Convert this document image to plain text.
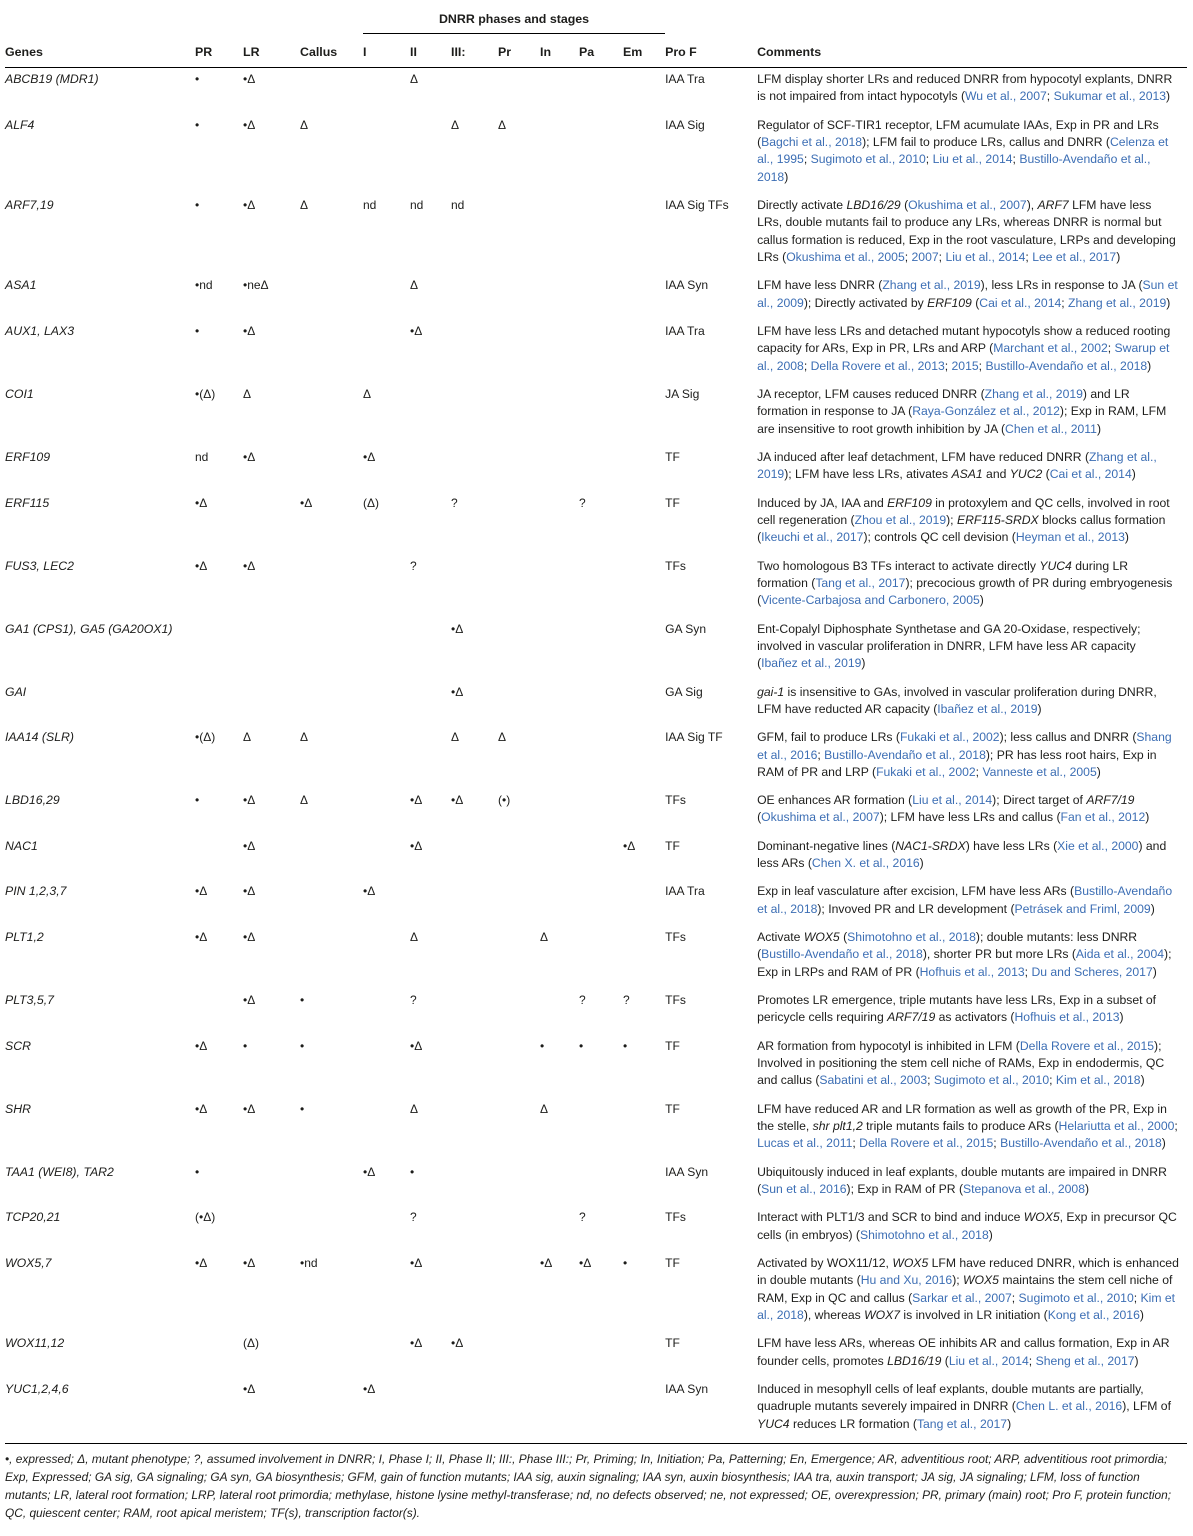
				DNRR phases and stages								
Genes	PR	LR	Callus	I	II	III:	Pr	In	Pa	Em	Pro F	Comments
ABCB19 (MDR1)	•	•Δ			Δ						IAA Tra	LFM display shorter LRs and reduced DNRR from hypocotyl explants, DNRR is not impaired from intact hypocotyls (Wu et al., 2007; Sukumar et al., 2013)
ALF4	•	•Δ	Δ			Δ	Δ				IAA Sig	Regulator of SCF-TIR1 receptor, LFM acumulate IAAs, Exp in PR and LRs (Bagchi et al., 2018); LFM fail to produce LRs, callus and DNRR (Celenza et al., 1995; Sugimoto et al., 2010; Liu et al., 2014; Bustillo-Avendaño et al., 2018)
ARF7,19	•	•Δ	Δ	nd	nd	nd					IAA Sig TFs	Directly activate LBD16/29 (Okushima et al., 2007), ARF7 LFM have less LRs, double mutants fail to produce any LRs, whereas DNRR is normal but callus formation is reduced, Exp in the root vasculature, LRPs and developing LRs (Okushima et al., 2005; 2007; Liu et al., 2014; Lee et al., 2017)
ASA1	•nd	•neΔ			Δ						IAA Syn	LFM have less DNRR (Zhang et al., 2019), less LRs in response to JA (Sun et al., 2009); Directly activated by ERF109 (Cai et al., 2014; Zhang et al., 2019)
AUX1, LAX3	•	•Δ			•Δ						IAA Tra	LFM have less LRs and detached mutant hypocotyls show a reduced rooting capacity for ARs, Exp in PR, LRs and ARP (Marchant et al., 2002; Swarup et al., 2008; Della Rovere et al., 2013; 2015; Bustillo-Avendaño et al., 2018)
COI1	•(Δ)	Δ		Δ							JA Sig	JA receptor, LFM causes reduced DNRR (Zhang et al., 2019) and LR formation in response to JA (Raya-González et al., 2012); Exp in RAM, LFM are insensitive to root growth inhibition by JA (Chen et al., 2011)
ERF109	nd	•Δ		•Δ							TF	JA induced after leaf detachment, LFM have reduced DNRR (Zhang et al., 2019); LFM have less LRs, ativates ASA1 and YUC2 (Cai et al., 2014)
ERF115	•Δ		•Δ	(Δ)		?			?		TF	Induced by JA, IAA and ERF109 in protoxylem and QC cells, involved in root cell regeneration (Zhou et al., 2019); ERF115-SRDX blocks callus formation (Ikeuchi et al., 2017); controls QC cell devision (Heyman et al., 2013)
FUS3, LEC2	•Δ	•Δ			?						TFs	Two homologous B3 TFs interact to activate directly YUC4 during LR formation (Tang et al., 2017); precocious growth of PR during embryogenesis (Vicente-Carbajosa and Carbonero, 2005)
GA1 (CPS1), GA5 (GA20OX1)						•Δ					GA Syn	Ent-Copalyl Diphosphate Synthetase and GA 20-Oxidase, respectively; involved in vascular proliferation in DNRR, LFM have less AR capacity (Ibañez et al., 2019)
GAI						•Δ					GA Sig	gai-1 is insensitive to GAs, involved in vascular proliferation during DNRR, LFM have reducted AR capacity (Ibañez et al., 2019)
IAA14 (SLR)	•(Δ)	Δ	Δ			Δ	Δ				IAA Sig TF	GFM, fail to produce LRs (Fukaki et al., 2002); less callus and DNRR (Shang et al., 2016; Bustillo-Avendaño et al., 2018); PR has less root hairs, Exp in RAM of PR and LRP (Fukaki et al., 2002; Vanneste et al., 2005)
LBD16,29	•	•Δ	Δ		•Δ	•Δ	(•)				TFs	OE enhances AR formation (Liu et al., 2014); Direct target of ARF7/19 (Okushima et al., 2007); LFM have less LRs and callus (Fan et al., 2012)
NAC1		•Δ			•Δ					•Δ	TF	Dominant-negative lines (NAC1-SRDX) have less LRs (Xie et al., 2000) and less ARs (Chen X. et al., 2016)
PIN 1,2,3,7	•Δ	•Δ		•Δ							IAA Tra	Exp in leaf vasculature after excision, LFM have less ARs (Bustillo-Avendaño et al., 2018); Invoved PR and LR development (Petrásek and Friml, 2009)
PLT1,2	•Δ	•Δ			Δ			Δ			TFs	Activate WOX5 (Shimotohno et al., 2018); double mutants: less DNRR (Bustillo-Avendaño et al., 2018), shorter PR but more LRs (Aida et al., 2004); Exp in LRPs and RAM of PR (Hofhuis et al., 2013; Du and Scheres, 2017)
PLT3,5,7		•Δ	•		?				?	?	TFs	Promotes LR emergence, triple mutants have less LRs, Exp in a subset of pericycle cells requiring ARF7/19 as activators (Hofhuis et al., 2013)
SCR	•Δ	•	•		•Δ			•	•	•	TF	AR formation from hypocotyl is inhibited in LFM (Della Rovere et al., 2015); Involved in positioning the stem cell niche of RAMs, Exp in endodermis, QC and callus (Sabatini et al., 2003; Sugimoto et al., 2010; Kim et al., 2018)
SHR	•Δ	•Δ	•		Δ			Δ			TF	LFM have reduced AR and LR formation as well as growth of the PR, Exp in the stelle, shr plt1,2 triple mutants fails to produce ARs (Helariutta et al., 2000; Lucas et al., 2011; Della Rovere et al., 2015; Bustillo-Avendaño et al., 2018)
TAA1 (WEI8), TAR2	•			•Δ	•						IAA Syn	Ubiquitously induced in leaf explants, double mutants are impaired in DNRR (Sun et al., 2016); Exp in RAM of PR (Stepanova et al., 2008)
TCP20,21	(•Δ)				?				?		TFs	Interact with PLT1/3 and SCR to bind and induce WOX5, Exp in precursor QC cells (in embryos) (Shimotohno et al., 2018)
WOX5,7	•Δ	•Δ	•nd		•Δ			•Δ	•Δ	•	TF	Activated by WOX11/12, WOX5 LFM have reduced DNRR, which is enhanced in double mutants (Hu and Xu, 2016); WOX5 maintains the stem cell niche of RAM, Exp in QC and callus (Sarkar et al., 2007; Sugimoto et al., 2010; Kim et al., 2018), whereas WOX7 is involved in LR initiation (Kong et al., 2016)
WOX11,12		(Δ)			•Δ	•Δ					TF	LFM have less ARs, whereas OE inhibits AR and callus formation, Exp in AR founder cells, promotes LBD16/19 (Liu et al., 2014; Sheng et al., 2017)
YUC1,2,4,6		•Δ		•Δ							IAA Syn	Induced in mesophyll cells of leaf explants, double mutants are partially, quadruple mutants severely impaired in DNRR (Chen L. et al., 2016), LFM of YUC4 reduces LR formation (Tang et al., 2017)

•, expressed; Δ, mutant phenotype; ?, assumed involvement in DNRR; I, Phase I; II, Phase II; III:, Phase III:; Pr, Priming; In, Initiation; Pa, Patterning; En, Emergence; AR, adventitious root; ARP, adventitious root primordia; Exp, Expressed; GA sig, GA signaling; GA syn, GA biosynthesis; GFM, gain of function mutants; IAA sig, auxin signaling; IAA syn, auxin biosynthesis; IAA tra, auxin transport; JA sig, JA signaling; LFM, loss of function mutants; LR, lateral root formation; LRP, lateral root primordia; methylase, histone lysine methyl-transferase; nd, no defects observed; ne, not expressed; OE, overexpression; PR, primary (main) root; Pro F, protein function; QC, quiescent center; RAM, root apical meristem; TF(s), transcription factor(s).
